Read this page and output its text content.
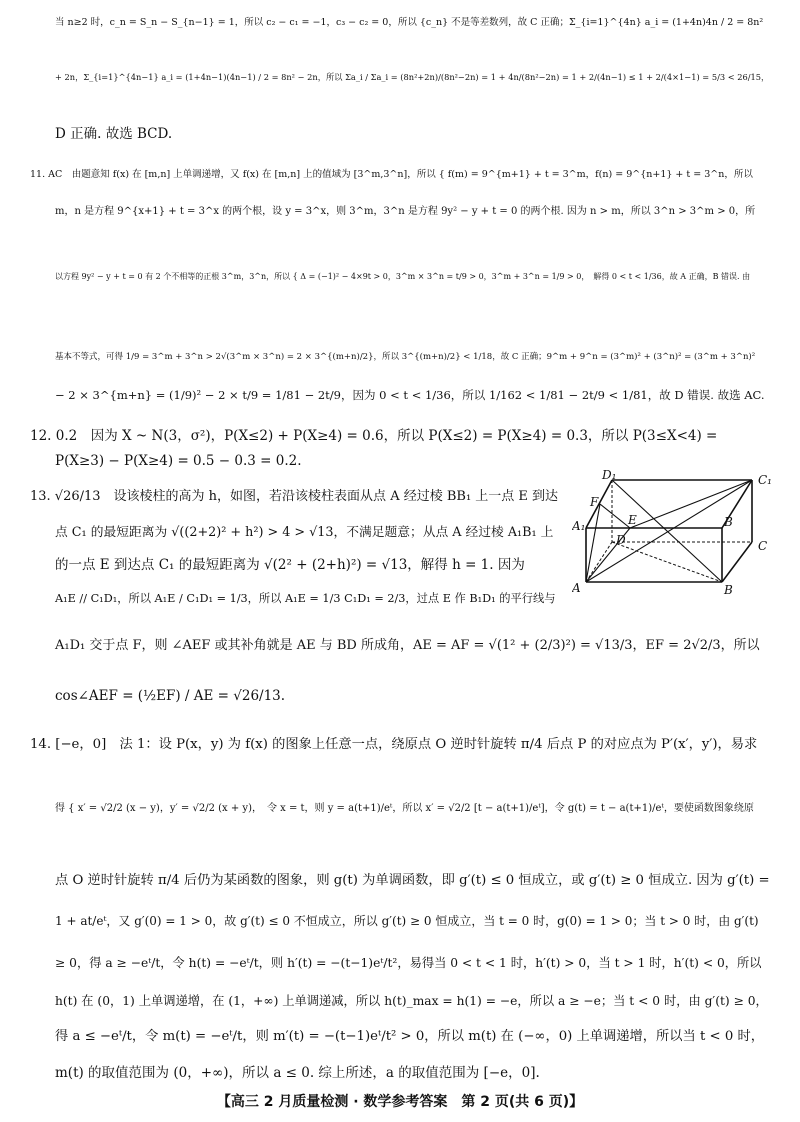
当 n≥2 时，c_n = S_n − S_{n−1} = 1，所以 c₂ − c₁ = −1，c₃ − c₂ = 0，所以 {c_n} 不是等差数列，故 C 正确；Σ_{i=1}^{4n} a_i = (1+4n)4n / 2 = 8n²
+ 2n，Σ_{i=1}^{4n−1} a_i = (1+4n−1)(4n−1) / 2 = 8n² − 2n，所以 Σa_i / Σa_i = (8n²+2n)/(8n²−2n) = 1 + 4n/(8n²−2n) = 1 + 2/(4n−1) ≤ 1 + 2/(4×1−1) = 5/3 < 26/15，
D 正确. 故选 BCD.
11. AC　由题意知 f(x) 在 [m,n] 上单调递增，又 f(x) 在 [m,n] 上的值域为 [3^m,3^n]，所以 { f(m) = 9^{m+1} + t = 3^m，f(n) = 9^{n+1} + t = 3^n，所以
m，n 是方程 9^{x+1} + t = 3^x 的两个根，设 y = 3^x，则 3^m，3^n 是方程 9y² − y + t = 0 的两个根. 因为 n > m，所以 3^n > 3^m > 0，所
以方程 9y² − y + t = 0 有 2 个不相等的正根 3^m，3^n，所以 { Δ = (−1)² − 4×9t > 0，3^m × 3^n = t/9 > 0，3^m + 3^n = 1/9 > 0，　解得 0 < t < 1/36，故 A 正确，B 错误. 由
基本不等式，可得 1/9 = 3^m + 3^n > 2√(3^m × 3^n) = 2 × 3^{(m+n)/2}，所以 3^{(m+n)/2} < 1/18，故 C 正确；9^m + 9^n = (3^m)² + (3^n)² = (3^m + 3^n)²
− 2 × 3^{m+n} = (1/9)² − 2 × t/9 = 1/81 − 2t/9，因为 0 < t < 1/36，所以 1/162 < 1/81 − 2t/9 < 1/81，故 D 错误. 故选 AC.
12. 0.2　因为 X ~ N(3，σ²)，P(X≤2) + P(X≥4) = 0.6，所以 P(X≤2) = P(X≥4) = 0.3，所以 P(3≤X<4) =
P(X≥3) − P(X≥4) = 0.5 − 0.3 = 0.2.
13. √26/13　设该棱柱的高为 h，如图，若沿该棱柱表面从点 A 经过棱 BB₁ 上一点 E 到达
点 C₁ 的最短距离为 √((2+2)² + h²) > 4 > √13，不满足题意；从点 A 经过棱 A₁B₁ 上
的一点 E 到达点 C₁ 的最短距离为 √(2² + (2+h)²) = √13，解得 h = 1. 因为
A₁E // C₁D₁，所以 A₁E / C₁D₁ = 1/3，所以 A₁E = 1/3 C₁D₁ = 2/3，过点 E 作 B₁D₁ 的平行线与
A₁D₁ 交于点 F，则 ∠AEF 或其补角就是 AE 与 BD 所成角，AE = AF = √(1² + (2/3)²) = √13/3，EF = 2√2/3，所以
cos∠AEF = (½EF) / AE = √26/13.
14. [−e，0]　法 1：设 P(x，y) 为 f(x) 的图象上任意一点，绕原点 O 逆时针旋转 π/4 后点 P 的对应点为 P′(x′，y′)，易求
得 { x′ = √2/2 (x − y)，y′ = √2/2 (x + y)，　令 x = t，则 y = a(t+1)/eᵗ，所以 x′ = √2/2 [t − a(t+1)/eᵗ]，令 g(t) = t − a(t+1)/eᵗ，要使函数图象绕原
点 O 逆时针旋转 π/4 后仍为某函数的图象，则 g(t) 为单调函数，即 g′(t) ≤ 0 恒成立，或 g′(t) ≥ 0 恒成立. 因为 g′(t) =
1 + at/eᵗ，又 g′(0) = 1 > 0，故 g′(t) ≤ 0 不恒成立，所以 g′(t) ≥ 0 恒成立，当 t = 0 时，g(0) = 1 > 0；当 t > 0 时，由 g′(t)
≥ 0，得 a ≥ −eᵗ/t，令 h(t) = −eᵗ/t，则 h′(t) = −(t−1)eᵗ/t²，易得当 0 < t < 1 时，h′(t) > 0，当 t > 1 时，h′(t) < 0，所以
h(t) 在 (0，1) 上单调递增，在 (1，+∞) 上单调递减，所以 h(t)_max = h(1) = −e，所以 a ≥ −e；当 t < 0 时，由 g′(t) ≥ 0，
得 a ≤ −eᵗ/t，令 m(t) = −eᵗ/t，则 m′(t) = −(t−1)eᵗ/t² > 0，所以 m(t) 在 (−∞，0) 上单调递增，所以当 t < 0 时，
m(t) 的取值范围为 (0，+∞)，所以 a ≤ 0. 综上所述，a 的取值范围为 [−e，0].
D₁	C₁
F
E
A₁
D
B
C
A	B
【高三 2 月质量检测 · 数学参考答案　第 2 页(共 6 页)】
